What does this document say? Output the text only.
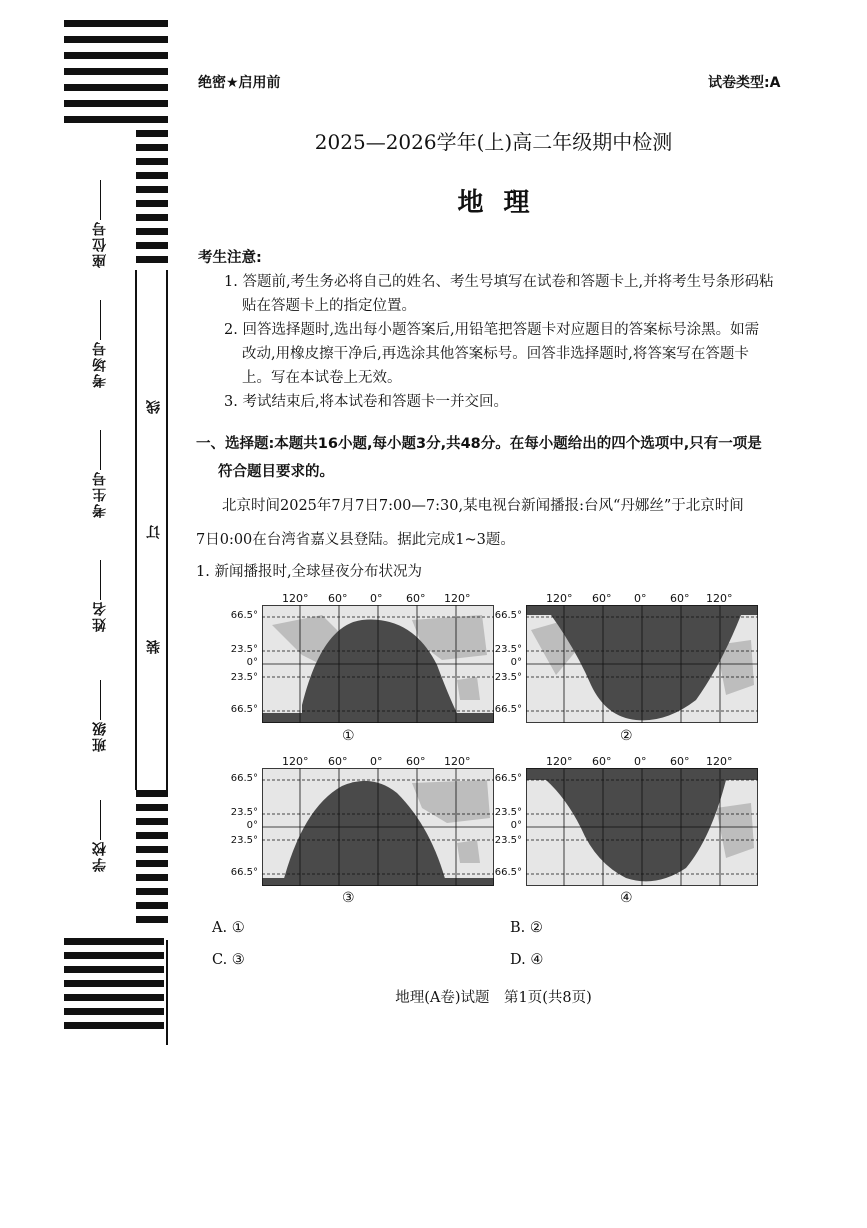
座位号
考场号
考生号
姓名
班级
学校
线
订
装
绝密★启用前	试卷类型:A
2025—2026学年(上)高二年级期中检测
地理
考生注意:
1. 答题前,考生务必将自己的姓名、考生号填写在试卷和答题卡上,并将考生号条形码粘
贴在答题卡上的指定位置。
2. 回答选择题时,选出每小题答案后,用铅笔把答题卡对应题目的答案标号涂黑。如需
改动,用橡皮擦干净后,再选涂其他答案标号。回答非选择题时,将答案写在答题卡
上。写在本试卷上无效。
3. 考试结束后,将本试卷和答题卡一并交回。
一、选择题:本题共16小题,每小题3分,共48分。在每小题给出的四个选项中,只有一项是
符合题目要求的。
北京时间2025年7月7日7:00—7:30,某电视台新闻播报:台风“丹娜丝”于北京时间
7日0:00在台湾省嘉义县登陆。据此完成1~3题。
1. 新闻播报时,全球昼夜分布状况为
120° 60° 0° 60° 120°
66.5°
23.5°
0°
23.5°
66.5°
①
120° 60° 0° 60° 120°
66.5°
23.5°
0°
23.5°
66.5°
②
120° 60° 0° 60° 120°
66.5°
23.5°
0°
23.5°
66.5°
③
120° 60° 0° 60° 120°
66.5°
23.5°
0°
23.5°
66.5°
④
A. ①	B. ②
C. ③	D. ④
地理(A卷)试题　第1页(共8页)
